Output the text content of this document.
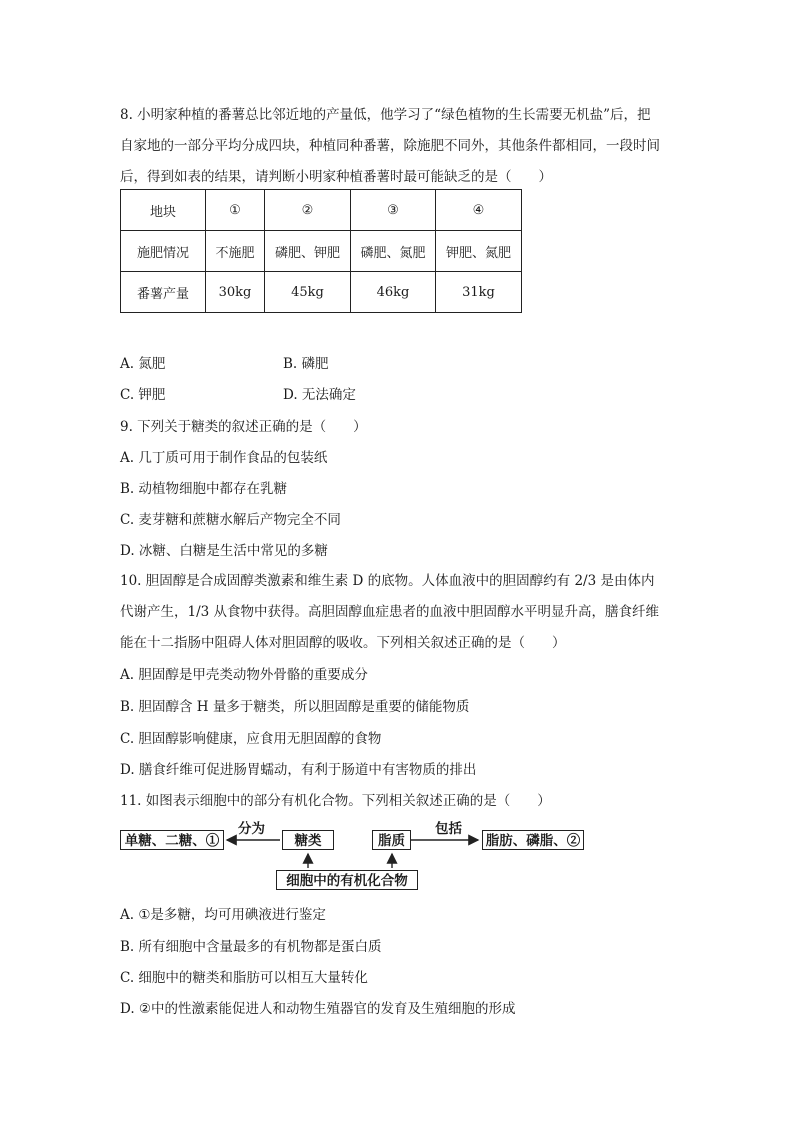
8. 小明家种植的番薯总比邻近地的产量低，他学习了“绿色植物的生长需要无机盐”后，把
自家地的一部分平均分成四块，种植同种番薯，除施肥不同外，其他条件都相同，一段时间
后，得到如表的结果，请判断小明家种植番薯时最可能缺乏的是（　　）
地块	①	②	③	④
施肥情况	不施肥	磷肥、钾肥	磷肥、氮肥	钾肥、氮肥
番薯产量	30kg	45kg	46kg	31kg
A. 氮肥	B. 磷肥
C. 钾肥	D. 无法确定
9. 下列关于糖类的叙述正确的是（　　）
A. 几丁质可用于制作食品的包装纸
B. 动植物细胞中都存在乳糖
C. 麦芽糖和蔗糖水解后产物完全不同
D. 冰糖、白糖是生活中常见的多糖
10. 胆固醇是合成固醇类激素和维生素 D 的底物。人体血液中的胆固醇约有 2/3 是由体内
代谢产生，1/3 从食物中获得。高胆固醇血症患者的血液中胆固醇水平明显升高，膳食纤维
能在十二指肠中阻碍人体对胆固醇的吸收。下列相关叙述正确的是（　　）
A. 胆固醇是甲壳类动物外骨骼的重要成分
B. 胆固醇含 H 量多于糖类，所以胆固醇是重要的储能物质
C. 胆固醇影响健康，应食用无胆固醇的食物
D. 膳食纤维可促进肠胃蠕动，有利于肠道中有害物质的排出
11. 如图表示细胞中的部分有机化合物。下列相关叙述正确的是（　　）
单糖、二糖、①
分为
糖类	脂质
包括
脂肪、磷脂、②
细胞中的有机化合物
A. ①是多糖，均可用碘液进行鉴定
B. 所有细胞中含量最多的有机物都是蛋白质
C. 细胞中的糖类和脂肪可以相互大量转化
D. ②中的性激素能促进人和动物生殖器官的发育及生殖细胞的形成
